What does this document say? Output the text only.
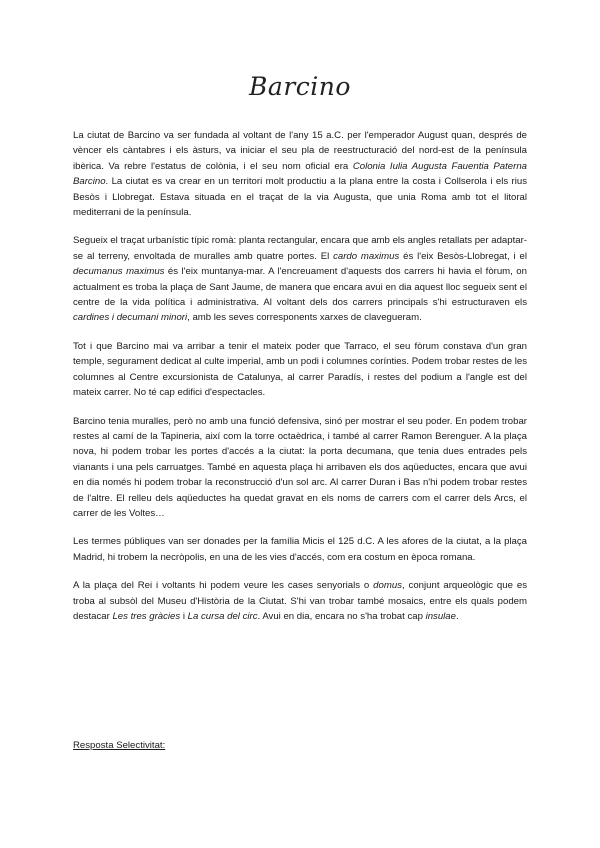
Barcino

La ciutat de Barcino va ser fundada al voltant de l'any 15 a.C. per l'emperador August quan, després de vèncer els càntabres i els àsturs, va iniciar el seu pla de reestructuració del nord-est de la península ibèrica. Va rebre l'estatus de colònia, i el seu nom oficial era Colonia Iulia Augusta Fauentia Paterna Barcino. La ciutat es va crear en un territori molt productiu a la plana entre la costa i Collserola i els rius Besòs i Llobregat. Estava situada en el traçat de la via Augusta, que unia Roma amb tot el litoral mediterrani de la península.

Segueix el traçat urbanístic típic romà: planta rectangular, encara que amb els angles retallats per adaptar-se al terreny, envoltada de muralles amb quatre portes. El cardo maximus és l'eix Besòs-Llobregat, i el decumanus maximus és l'eix muntanya-mar. A l'encreuament d'aquests dos carrers hi havia el fòrum, on actualment es troba la plaça de Sant Jaume, de manera que encara avui en dia aquest lloc segueix sent el centre de la vida política i administrativa. Al voltant dels dos carrers principals s'hi estructuraven els cardines i decumani minori, amb les seves corresponents xarxes de clavegueram.

Tot i que Barcino mai va arribar a tenir el mateix poder que Tarraco, el seu fòrum constava d'un gran temple, segurament dedicat al culte imperial, amb un podi i columnes corínties. Podem trobar restes de les columnes al Centre excursionista de Catalunya, al carrer Paradís, i restes del podium a l'angle est del mateix carrer. No té cap edifici d'espectacles.

Barcino tenia muralles, però no amb una funció defensiva, sinó per mostrar el seu poder. En podem trobar restes al camí de la Tapineria, així com la torre octaèdrica, i també al carrer Ramon Berenguer. A la plaça nova, hi podem trobar les portes d'accés a la ciutat: la porta decumana, que tenia dues entrades pels vianants i una pels carruatges. També en aquesta plaça hi arribaven els dos aqüeductes, encara que avui en dia només hi podem trobar la reconstrucció d'un sol arc. Al carrer Duran i Bas n'hi podem trobar restes de l'altre. El relleu dels aqüeductes ha quedat gravat en els noms de carrers com el carrer dels Arcs, el carrer de les Voltes…

Les termes públiques van ser donades per la família Micis el 125 d.C. A les afores de la ciutat, a la plaça Madrid, hi trobem la necròpolis, en una de les vies d'accés, com era costum en època romana.

A la plaça del Rei i voltants hi podem veure les cases senyorials o domus, conjunt arqueològic que es troba al subsòl del Museu d'Història de la Ciutat. S'hi van trobar també mosaics, entre els quals podem destacar Les tres gràcies i La cursa del circ. Avui en dia, encara no s'ha trobat cap insulae.

Resposta Selectivitat:
